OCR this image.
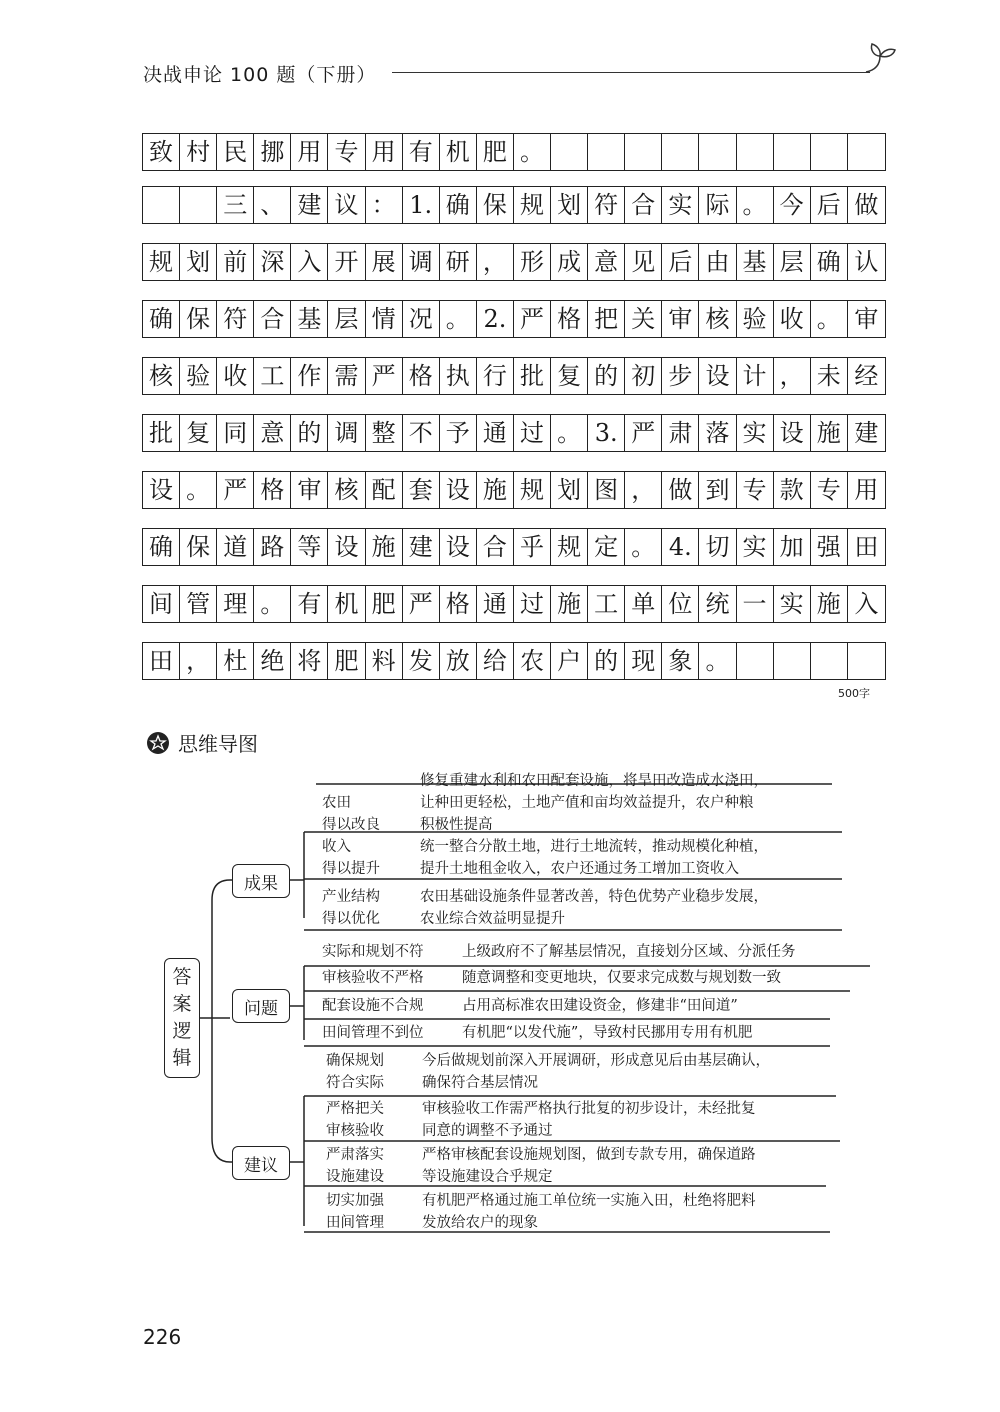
决战申论 100 题（下册）
致 村 民 挪 用 专 用 有 机 肥 。
三 、 建 议 ： 1. 确 保 规 划 符 合 实 际 。 今 后 做
规 划 前 深 入 开 展 调 研 ， 形 成 意 见 后 由 基 层 确 认
确 保 符 合 基 层 情 况 。 2. 严 格 把 关 审 核 验 收 。 审
核 验 收 工 作 需 严 格 执 行 批 复 的 初 步 设 计 ， 未 经
批 复 同 意 的 调 整 不 予 通 过 。 3. 严 肃 落 实 设 施 建
设 。 严 格 审 核 配 套 设 施 规 划 图 ， 做 到 专 款 专 用
确 保 道 路 等 设 施 建 设 合 乎 规 定 。 4. 切 实 加 强 田
间 管 理 。 有 机 肥 严 格 通 过 施 工 单 位 统 一 实 施 入
田 ， 杜 绝 将 肥 料 发 放 给 农 户 的 现 象 。
500字
思维导图
答
案
逻
辑
成果
问题
建议
农田
得以改良
修复重建水利和农田配套设施，将旱田改造成水浇田，
让种田更轻松，土地产值和亩均效益提升，农户种粮
积极性提高
收入
得以提升
统一整合分散土地，进行土地流转，推动规模化种植，
提升土地租金收入，农户还通过务工增加工资收入
产业结构
得以优化
农田基础设施条件显著改善，特色优势产业稳步发展，
农业综合效益明显提升
实际和规划不符	上级政府不了解基层情况，直接划分区域、分派任务
审核验收不严格	随意调整和变更地块，仅要求完成数与规划数一致
配套设施不合规	占用高标准农田建设资金，修建非“田间道”
田间管理不到位	有机肥“以发代施”，导致村民挪用专用有机肥
确保规划
符合实际
今后做规划前深入开展调研，形成意见后由基层确认，
确保符合基层情况
严格把关
审核验收
审核验收工作需严格执行批复的初步设计，未经批复
同意的调整不予通过
严肃落实
设施建设
严格审核配套设施规划图，做到专款专用，确保道路
等设施建设合乎规定
切实加强
田间管理
有机肥严格通过施工单位统一实施入田，杜绝将肥料
发放给农户的现象
226
